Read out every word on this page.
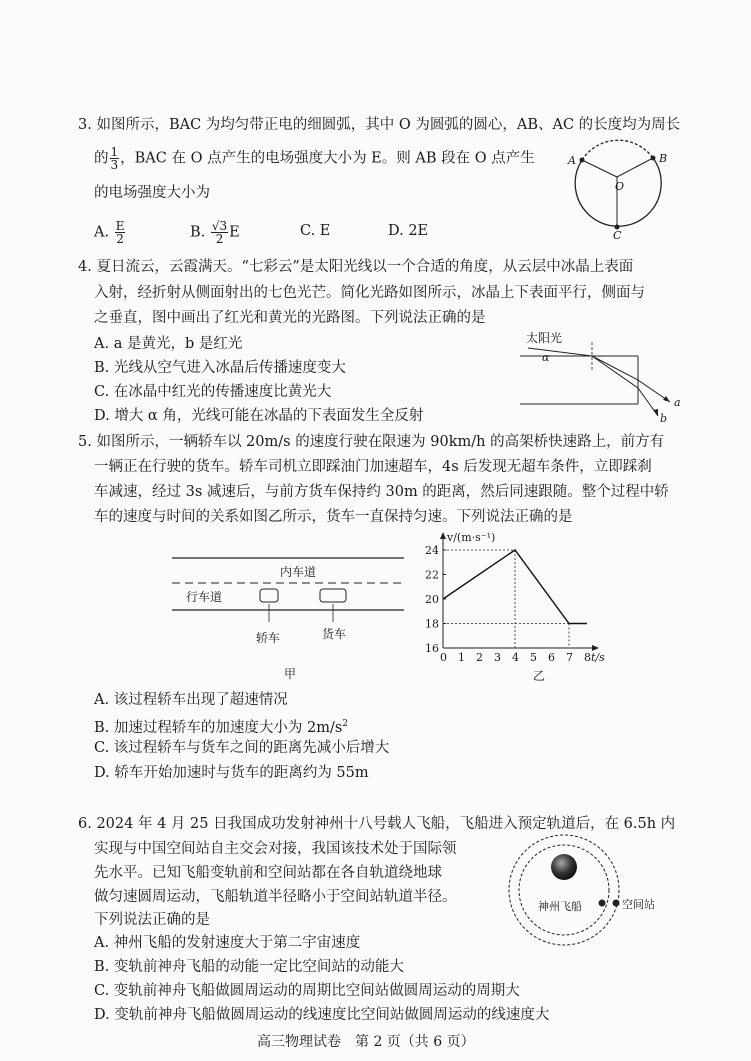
3. 如图所示，BAC 为均匀带正电的细圆弧，其中 O 为圆弧的圆心，AB、AC 的长度均为周长
的 $\frac{1}{3}$ ，BAC 在 O 点产生的电场强度大小为 E。则 AB 段在 O 点产生
的电场强度大小为
A. $\frac{E}{2}$	B. $\frac{√3}{2}$ E	C. E	D. 2E
A	B
O
C
4. 夏日流云，云霞满天。“七彩云”是太阳光线以一个合适的角度，从云层中冰晶上表面
入射，经折射从侧面射出的七色光芒。简化光路如图所示，冰晶上下表面平行，侧面与
之垂直，图中画出了红光和黄光的光路图。下列说法正确的是
A. a 是黄光，b 是红光
B. 光线从空气进入冰晶后传播速度变大
C. 在冰晶中红光的传播速度比黄光大
D. 增大 α 角，光线可能在冰晶的下表面发生全反射
太阳光
α
a
b
5. 如图所示，一辆轿车以 20m/s 的速度行驶在限速为 90km/h 的高架桥快速路上，前方有
一辆正在行驶的货车。轿车司机立即踩油门加速超车，4s 后发现无超车条件，立即踩刹
车减速，经过 3s 减速后，与前方货车保持约 30m 的距离，然后同速跟随。整个过程中轿
车的速度与时间的关系如图乙所示，货车一直保持匀速。下列说法正确的是
内车道
行车道
轿车	货车
甲
0 1 2 3 4 5 6 7 8
16
18
20
22
24
v/(m·s⁻¹)
t/s
乙
A. 该过程轿车出现了超速情况
B. 加速过程轿车的加速度大小为 $2m/s^2$
C. 该过程轿车与货车之间的距离先减小后增大
D. 轿车开始加速时与货车的距离约为 55m
6. 2024 年 4 月 25 日我国成功发射神州十八号载人飞船，飞船进入预定轨道后，在 6.5h 内
实现与中国空间站自主交会对接，我国该技术处于国际领
先水平。已知飞船变轨前和空间站都在各自轨道绕地球
做匀速圆周运动，飞船轨道半径略小于空间站轨道半径。
下列说法正确的是
A. 神州飞船的发射速度大于第二宇宙速度
B. 变轨前神舟飞船的动能一定比空间站的动能大
C. 变轨前神舟飞船做圆周运动的周期比空间站做圆周运动的周期大
D. 变轨前神舟飞船做圆周运动的线速度比空间站做圆周运动的线速度大
神州飞船	空间站
高三物理试卷　第 2 页（共 6 页）
